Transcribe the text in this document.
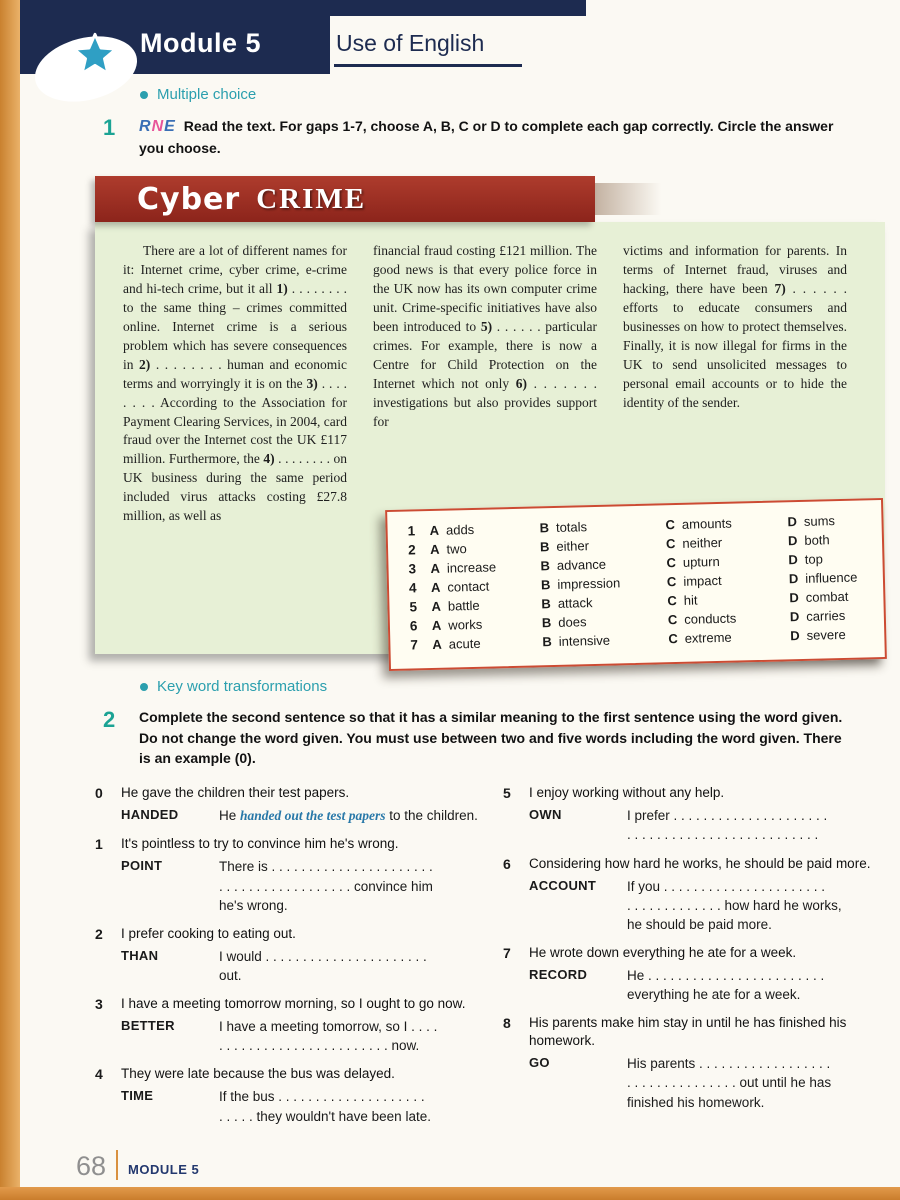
Module 5	Use of English
Multiple choice
1	RNE Read the text. For gaps 1-7, choose A, B, C or D to complete each gap correctly. Circle the answer you choose.
Cyber CRIME
There are a lot of different names for it: Internet crime, cyber crime, e-crime and hi-tech crime, but it all 1) . . . . . . . . to the same thing – crimes committed online. Internet crime is a serious problem which has severe consequences in 2) . . . . . . . . human and economic terms and worryingly it is on the 3) . . . . . . . . According to the Association for Payment Clearing Services, in 2004, card fraud over the Internet cost the UK £117 million. Furthermore, the 4) . . . . . . . . on UK business during the same period included virus attacks costing £27.8 million, as well as
financial fraud costing £121 million. The good news is that every police force in the UK now has its own computer crime unit. Crime-specific initiatives have also been introduced to 5) . . . . . . particular crimes. For example, there is now a Centre for Child Protection on the Internet which not only 6) . . . . . . . investigations but also provides support for
victims and information for parents. In terms of Internet fraud, viruses and hacking, there have been 7) . . . . . . efforts to educate consumers and businesses on how to protect themselves. Finally, it is now illegal for firms in the UK to send unsolicited messages to personal email accounts or to hide the identity of the sender.
1	A adds	B totals	C amounts	D sums
2	A two	B either	C neither	D both
3	A increase	B advance	C upturn	D top
4	A contact	B impression	C impact	D influence
5	A battle	B attack	C hit	D combat
6	A works	B does	C conducts	D carries
7	A acute	B intensive	C extreme	D severe
Key word transformations
2	Complete the second sentence so that it has a similar meaning to the first sentence using the word given. Do not change the word given. You must use between two and five words including the word given. There is an example (0).
0	He gave the children their test papers.
HANDED	He handed out the test papers to the children.
1	It's pointless to try to convince him he's wrong.
POINT	There is . . . . . . . . . . . . . . . . . . . . . .
. . . . . . . . . . . . . . . . . . convince him
he's wrong.
2	I prefer cooking to eating out.
THAN	I would . . . . . . . . . . . . . . . . . . . . . .
out.
3	I have a meeting tomorrow morning, so I ought to go now.
BETTER	I have a meeting tomorrow, so I . . . .
. . . . . . . . . . . . . . . . . . . . . . . now.
4	They were late because the bus was delayed.
TIME	If the bus . . . . . . . . . . . . . . . . . . . .
. . . . . they wouldn't have been late.
5	I enjoy working without any help.
OWN	I prefer . . . . . . . . . . . . . . . . . . . . .
. . . . . . . . . . . . . . . . . . . . . . . . . .
6	Considering how hard he works, he should be paid more.
ACCOUNT	If you . . . . . . . . . . . . . . . . . . . . . .
. . . . . . . . . . . . . how hard he works,
he should be paid more.
7	He wrote down everything he ate for a week.
RECORD	He . . . . . . . . . . . . . . . . . . . . . . . .
everything he ate for a week.
8	His parents make him stay in until he has finished his homework.
GO	His parents . . . . . . . . . . . . . . . . . .
. . . . . . . . . . . . . . . out until he has
finished his homework.
68 MODULE 5
